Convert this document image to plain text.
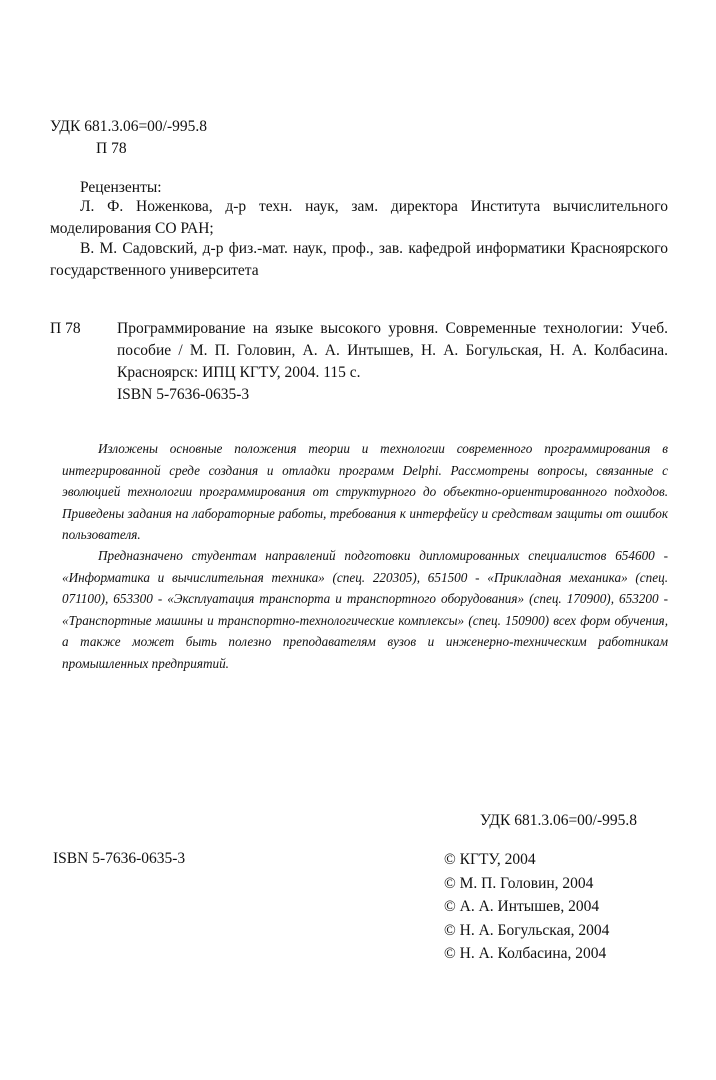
УДК 681.3.06=00/-995.8
П 78
Рецензенты:

Л. Ф. Ноженкова, д-р техн. наук, зам. директора Института вычислительного моделирования СО РАН;

В. М. Садовский, д-р физ.-мат. наук, проф., зав. кафедрой информатики Красноярского государственного университета

П 78 Программирование на языке высокого уровня. Современные технологии: Учеб. пособие / М. П. Головин, А. А. Интышев, Н. А. Богульская, Н. А. Колбасина. Красноярск: ИПЦ КГТУ, 2004. 115 с.

ISBN 5-7636-0635-3

Изложены основные положения теории и технологии современного программирования в интегрированной среде создания и отладки программ Delphi. Рассмотрены вопросы, связанные с эволюцией технологии программирования от структурного до объектно-ориентированного подходов. Приведены задания на лабораторные работы, требования к интерфейсу и средствам защиты от ошибок пользователя.

Предназначено студентам направлений подготовки дипломированных специалистов 654600 - «Информатика и вычислительная техника» (спец. 220305), 651500 - «Прикладная механика» (спец. 071100), 653300 - «Эксплуатация транспорта и транспортного оборудования» (спец. 170900), 653200 - «Транспортные машины и транспортно-технологические комплексы» (спец. 150900) всех форм обучения, а также может быть полезно преподавателям вузов и инженерно-техническим работникам промышленных предприятий.

УДК 681.3.06=00/-995.8
ISBN 5-7636-0635-3	© КГТУ, 2004
© М. П. Головин, 2004
© А. А. Интышев, 2004
© Н. А. Богульская, 2004
© Н. А. Колбасина, 2004
